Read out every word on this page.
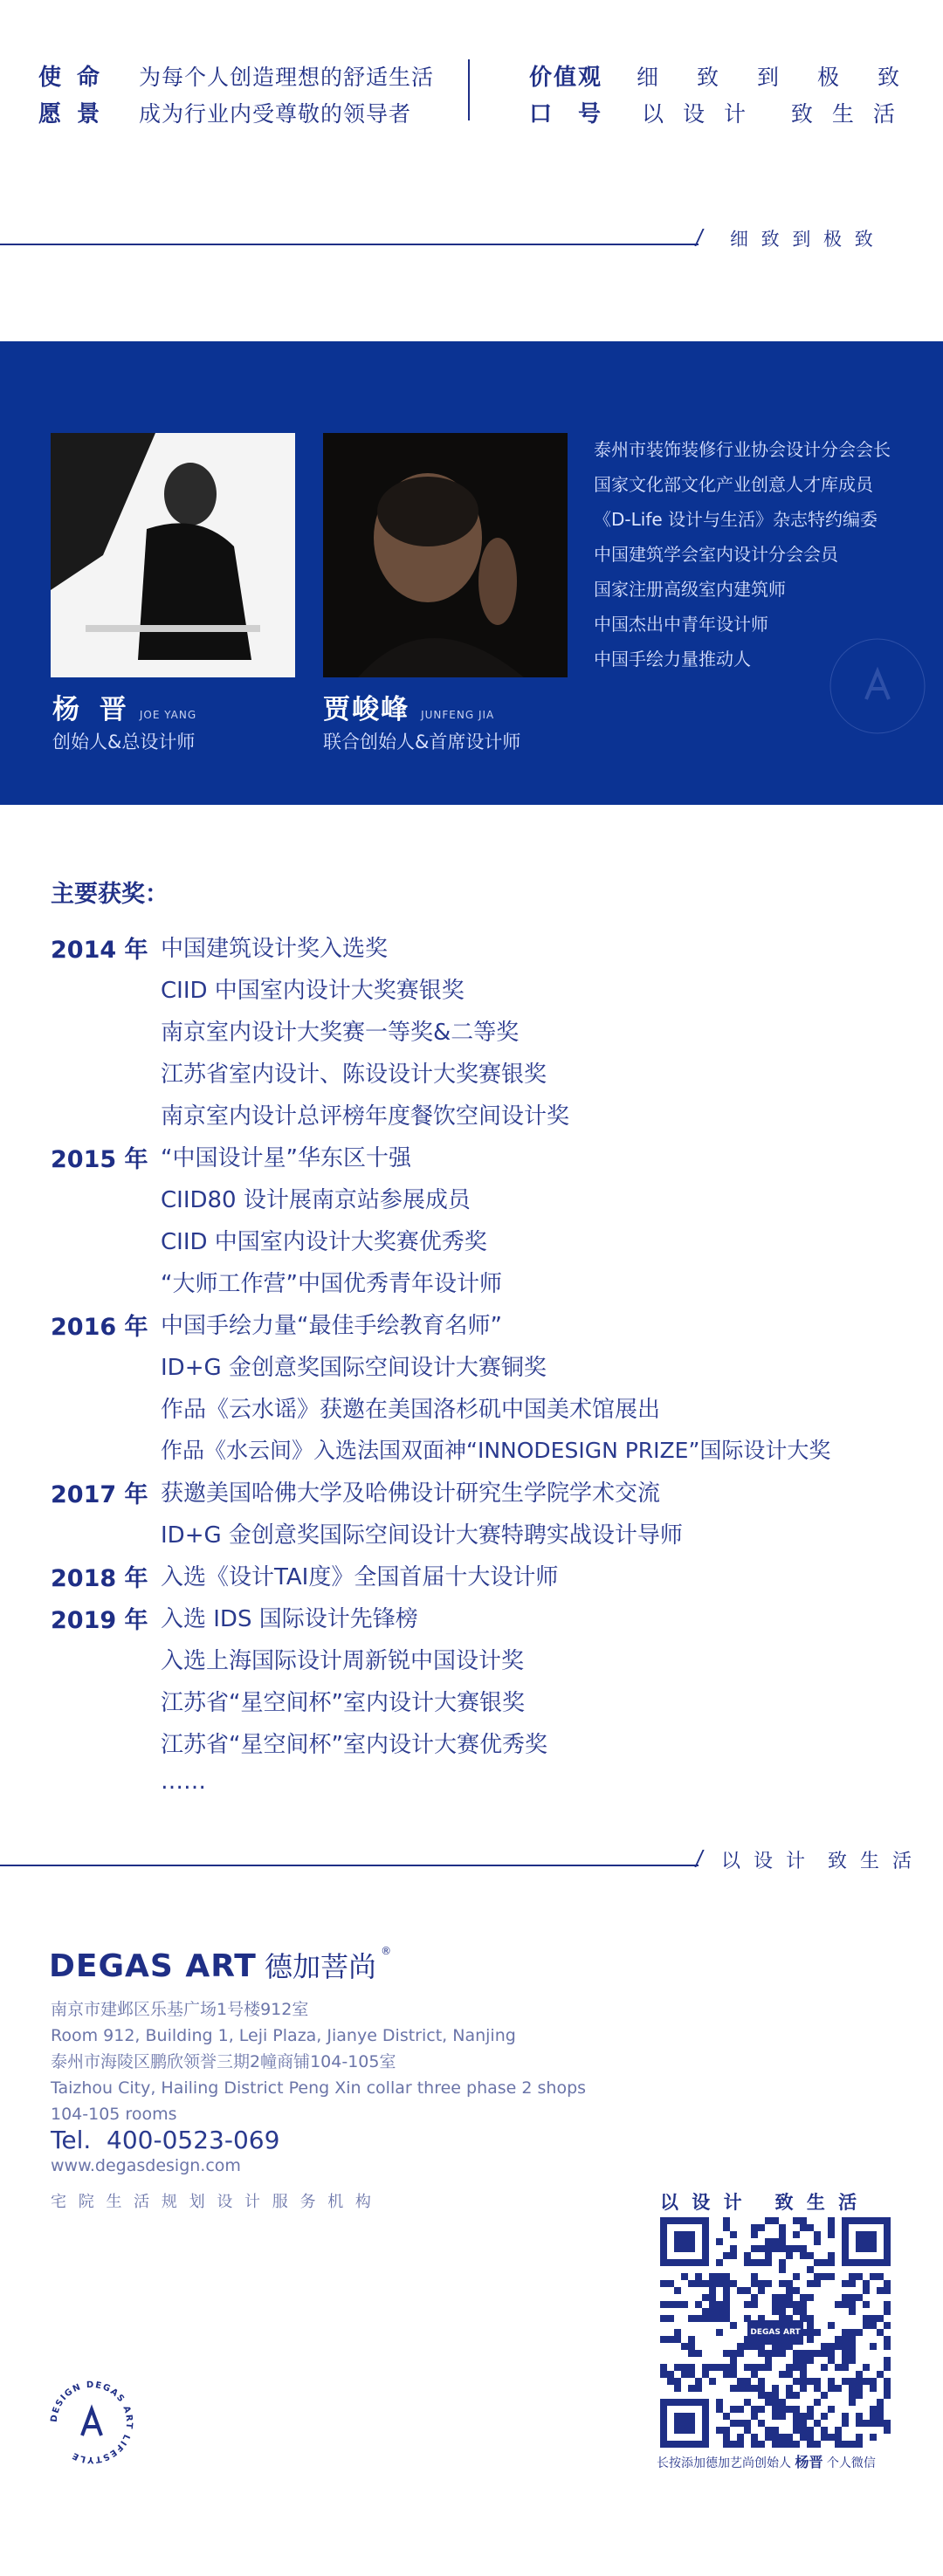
使命 为每个人创造理想的舒适生活
愿景 成为行业内受尊敬的领导者
价值观 细致到极致
口号 以设计 致生活
细 致 到 极 致
杨 晋 JOE YANG
创始人&总设计师
贾峻峰 JUNFENG JIA
联合创始人&首席设计师
泰州市装饰装修行业协会设计分会会长
国家文化部文化产业创意人才库成员
《D-Life 设计与生活》杂志特约编委
中国建筑学会室内设计分会会员
国家注册高级室内建筑师
中国杰出中青年设计师
中国手绘力量推动人
主要获奖：
2014 年 中国建筑设计奖入选奖
CIID 中国室内设计大奖赛银奖
南京室内设计大奖赛一等奖&二等奖
江苏省室内设计、陈设设计大奖赛银奖
南京室内设计总评榜年度餐饮空间设计奖
2015 年 “中国设计星”华东区十强
CIID80 设计展南京站参展成员
CIID 中国室内设计大奖赛优秀奖
“大师工作营”中国优秀青年设计师
2016 年 中国手绘力量“最佳手绘教育名师”
ID+G 金创意奖国际空间设计大赛铜奖
作品《云水谣》获邀在美国洛杉矶中国美术馆展出
作品《水云间》入选法国双面神“INNODESIGN PRIZE”国际设计大奖
2017 年 获邀美国哈佛大学及哈佛设计研究生学院学术交流
ID+G 金创意奖国际空间设计大赛特聘实战设计导师
2018 年 入选《设计TAI度》全国首届十大设计师
2019 年 入选 IDS 国际设计先锋榜
入选上海国际设计周新锐中国设计奖
江苏省“星空间杯”室内设计大赛银奖
江苏省“星空间杯”室内设计大赛优秀奖
……
以 设 计  致 生 活
DEGAS ART 德加菩尚 ®
南京市建邺区乐基广场1号楼912室
Room 912, Building 1, Leji Plaza, Jianye District, Nanjing
泰州市海陵区鹏欣领誉三期2幢商铺104-105室
Taizhou City, Hailing District Peng Xin collar three phase 2 shops
104-105 rooms
Tel.  400-0523-069
www.degasdesign.com
宅 院 生 活 规 划 设 计 服 务 机 构	以 设 计   致 生 活
DEGAS ART
长按添加德加艺尚创始人 杨晋 个人微信
DESIGN DEGAS ART LIFESTYLE
